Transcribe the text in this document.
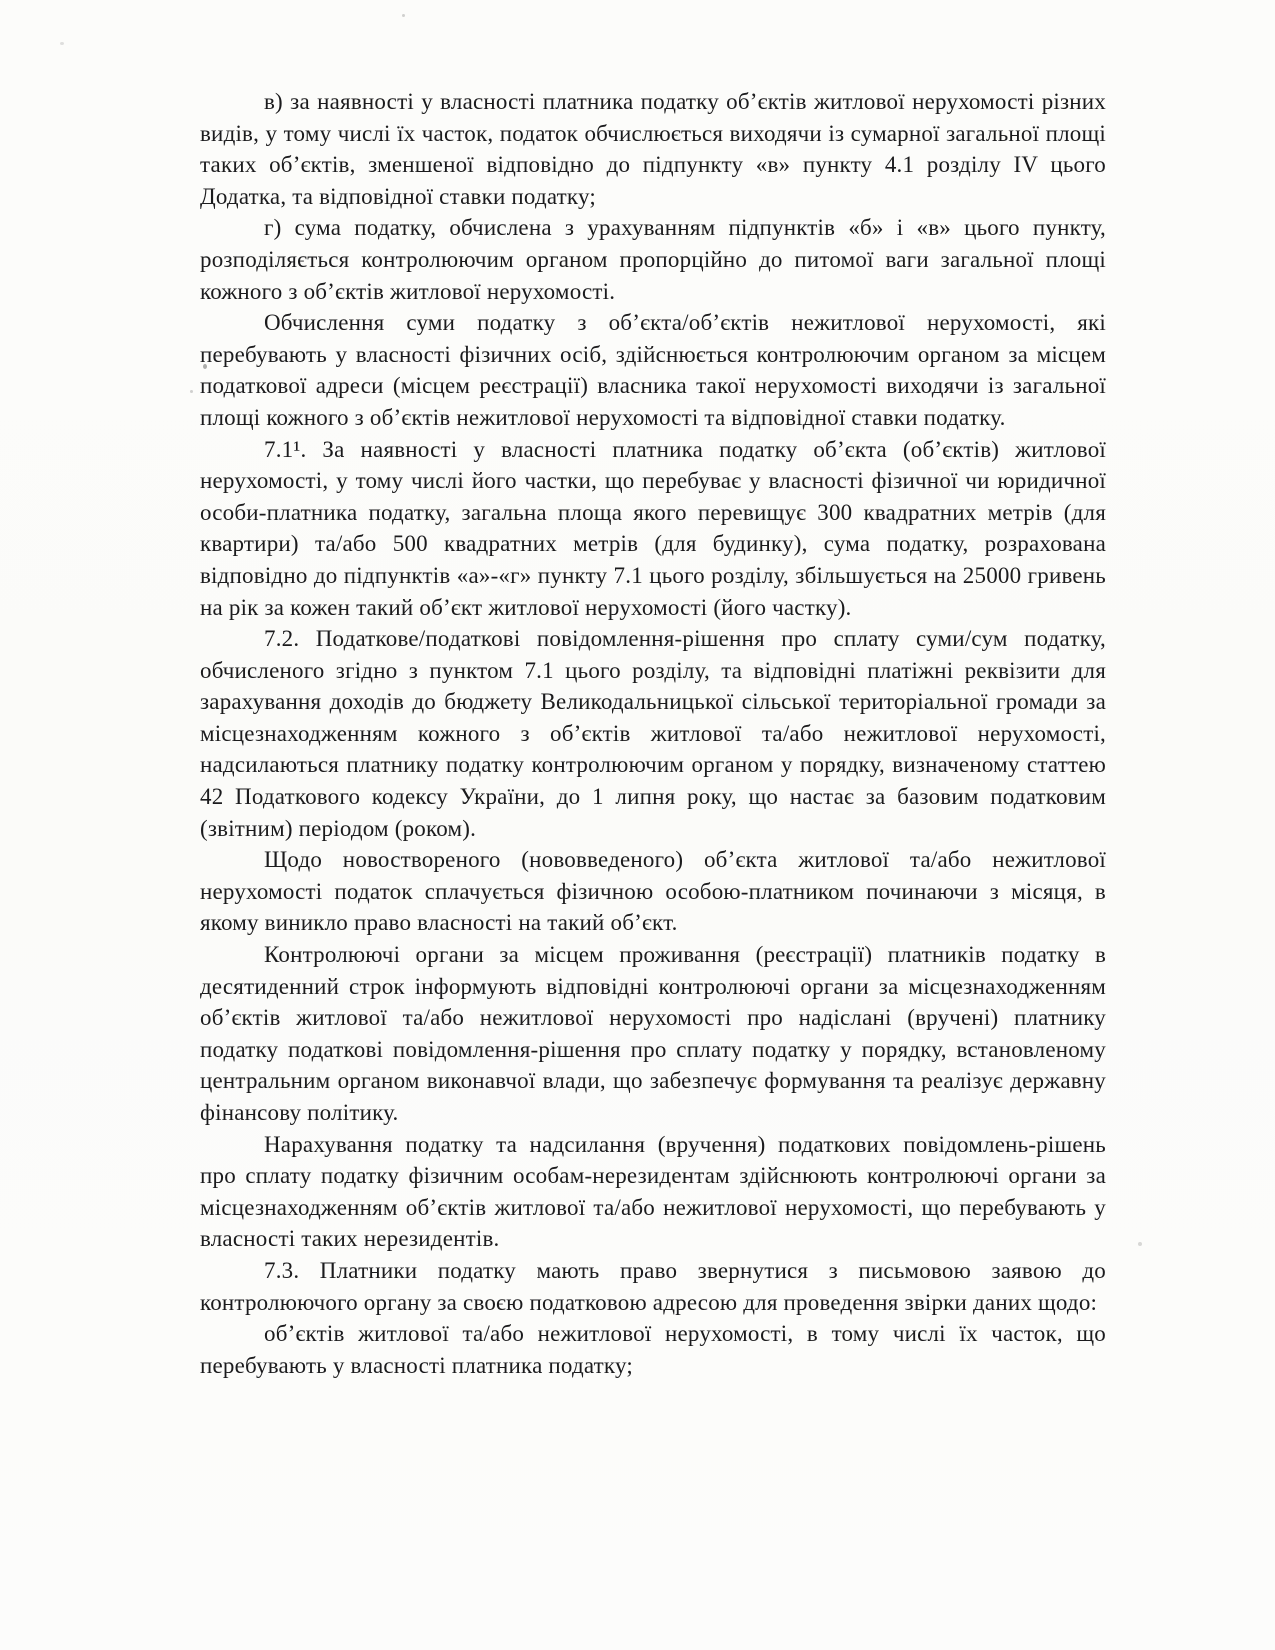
в) за наявності у власності платника податку об’єктів житлової нерухомості різних видів, у тому числі їх часток, податок обчислюється виходячи із сумарної загальної площі таких об’єктів, зменшеної відповідно до підпункту «в» пункту 4.1 розділу IV цього Додатка, та відповідної ставки податку;

г) сума податку, обчислена з урахуванням підпунктів «б» і «в» цього пункту, розподіляється контролюючим органом пропорційно до питомої ваги загальної площі кожного з об’єктів житлової нерухомості.

Обчислення суми податку з об’єкта/об’єктів нежитлової нерухомості, які перебувають у власності фізичних осіб, здійснюється контролюючим органом за місцем податкової адреси (місцем реєстрації) власника такої нерухомості виходячи із загальної площі кожного з об’єктів нежитлової нерухомості та відповідної ставки податку.

7.1¹. За наявності у власності платника податку об’єкта (об’єктів) житлової нерухомості, у тому числі його частки, що перебуває у власності фізичної чи юридичної особи-платника податку, загальна площа якого перевищує 300 квадратних метрів (для квартири) та/або 500 квадратних метрів (для будинку), сума податку, розрахована відповідно до підпунктів «а»-«г» пункту 7.1 цього розділу, збільшується на 25000 гривень на рік за кожен такий об’єкт житлової нерухомості (його частку).

7.2. Податкове/податкові повідомлення-рішення про сплату суми/сум податку, обчисленого згідно з пунктом 7.1 цього розділу, та відповідні платіжні реквізити для зарахування доходів до бюджету Великодальницької сільської територіальної громади за місцезнаходженням кожного з об’єктів житлової та/або нежитлової нерухомості, надсилаються платнику податку контролюючим органом у порядку, визначеному статтею 42 Податкового кодексу України, до 1 липня року, що настає за базовим податковим (звітним) періодом (роком).

Щодо новоствореного (нововведеного) об’єкта житлової та/або нежитлової нерухомості податок сплачується фізичною особою-платником починаючи з місяця, в якому виникло право власності на такий об’єкт.

Контролюючі органи за місцем проживання (реєстрації) платників податку в десятиденний строк інформують відповідні контролюючі органи за місцезнаходженням об’єктів житлової та/або нежитлової нерухомості про надіслані (вручені) платнику податку податкові повідомлення-рішення про сплату податку у порядку, встановленому центральним органом виконавчої влади, що забезпечує формування та реалізує державну фінансову політику.

Нарахування податку та надсилання (вручення) податкових повідомлень-рішень про сплату податку фізичним особам-нерезидентам здійснюють контролюючі органи за місцезнаходженням об’єктів житлової та/або нежитлової нерухомості, що перебувають у власності таких нерезидентів.

7.3. Платники податку мають право звернутися з письмовою заявою до контролюючого органу за своєю податковою адресою для проведення звірки даних щодо:

об’єктів житлової та/або нежитлової нерухомості, в тому числі їх часток, що перебувають у власності платника податку;
